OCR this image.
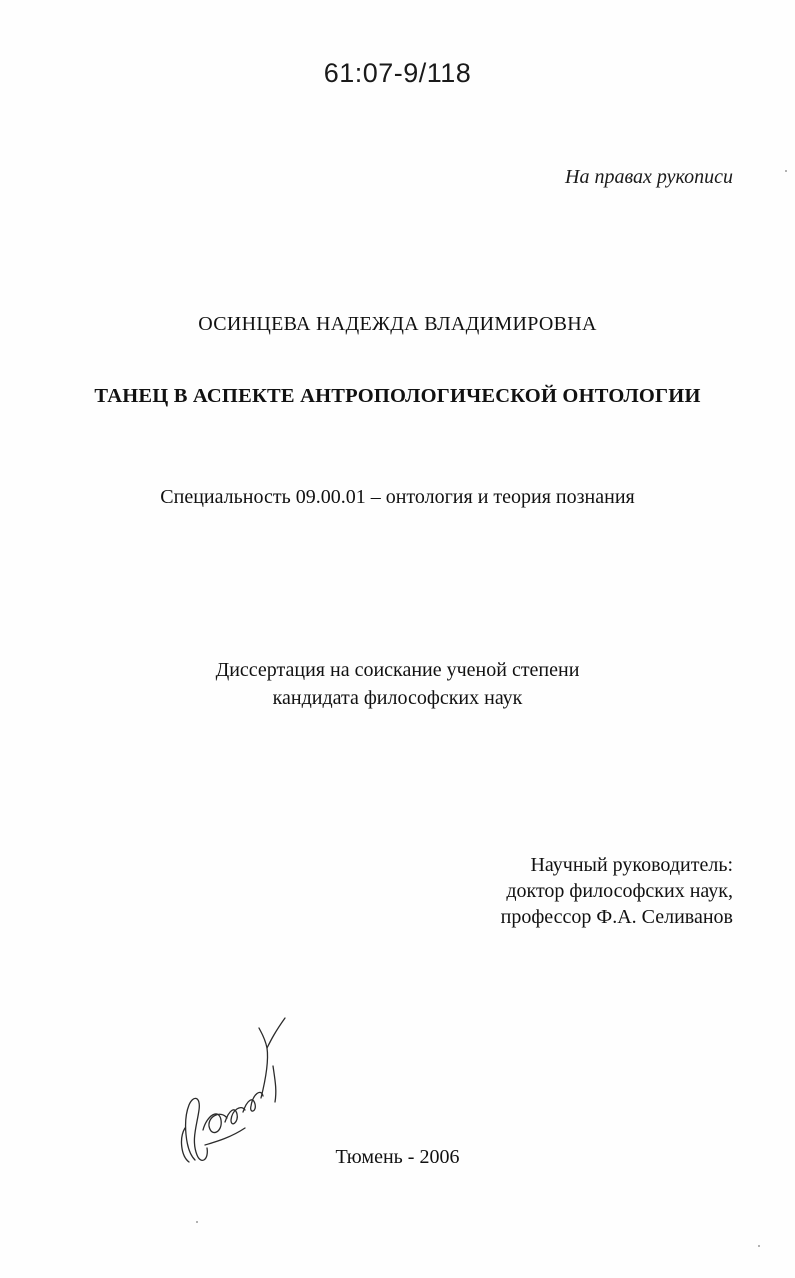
61:07-9/118
На правах рукописи
ОСИНЦЕВА НАДЕЖДА ВЛАДИМИРОВНА
ТАНЕЦ В АСПЕКТЕ АНТРОПОЛОГИЧЕСКОЙ ОНТОЛОГИИ
Специальность 09.00.01 – онтология и теория познания
Диссертация на соискание ученой степени
кандидата философских наук
Научный руководитель:
доктор философских наук,
профессор Ф.А. Селиванов
Тюмень - 2006
